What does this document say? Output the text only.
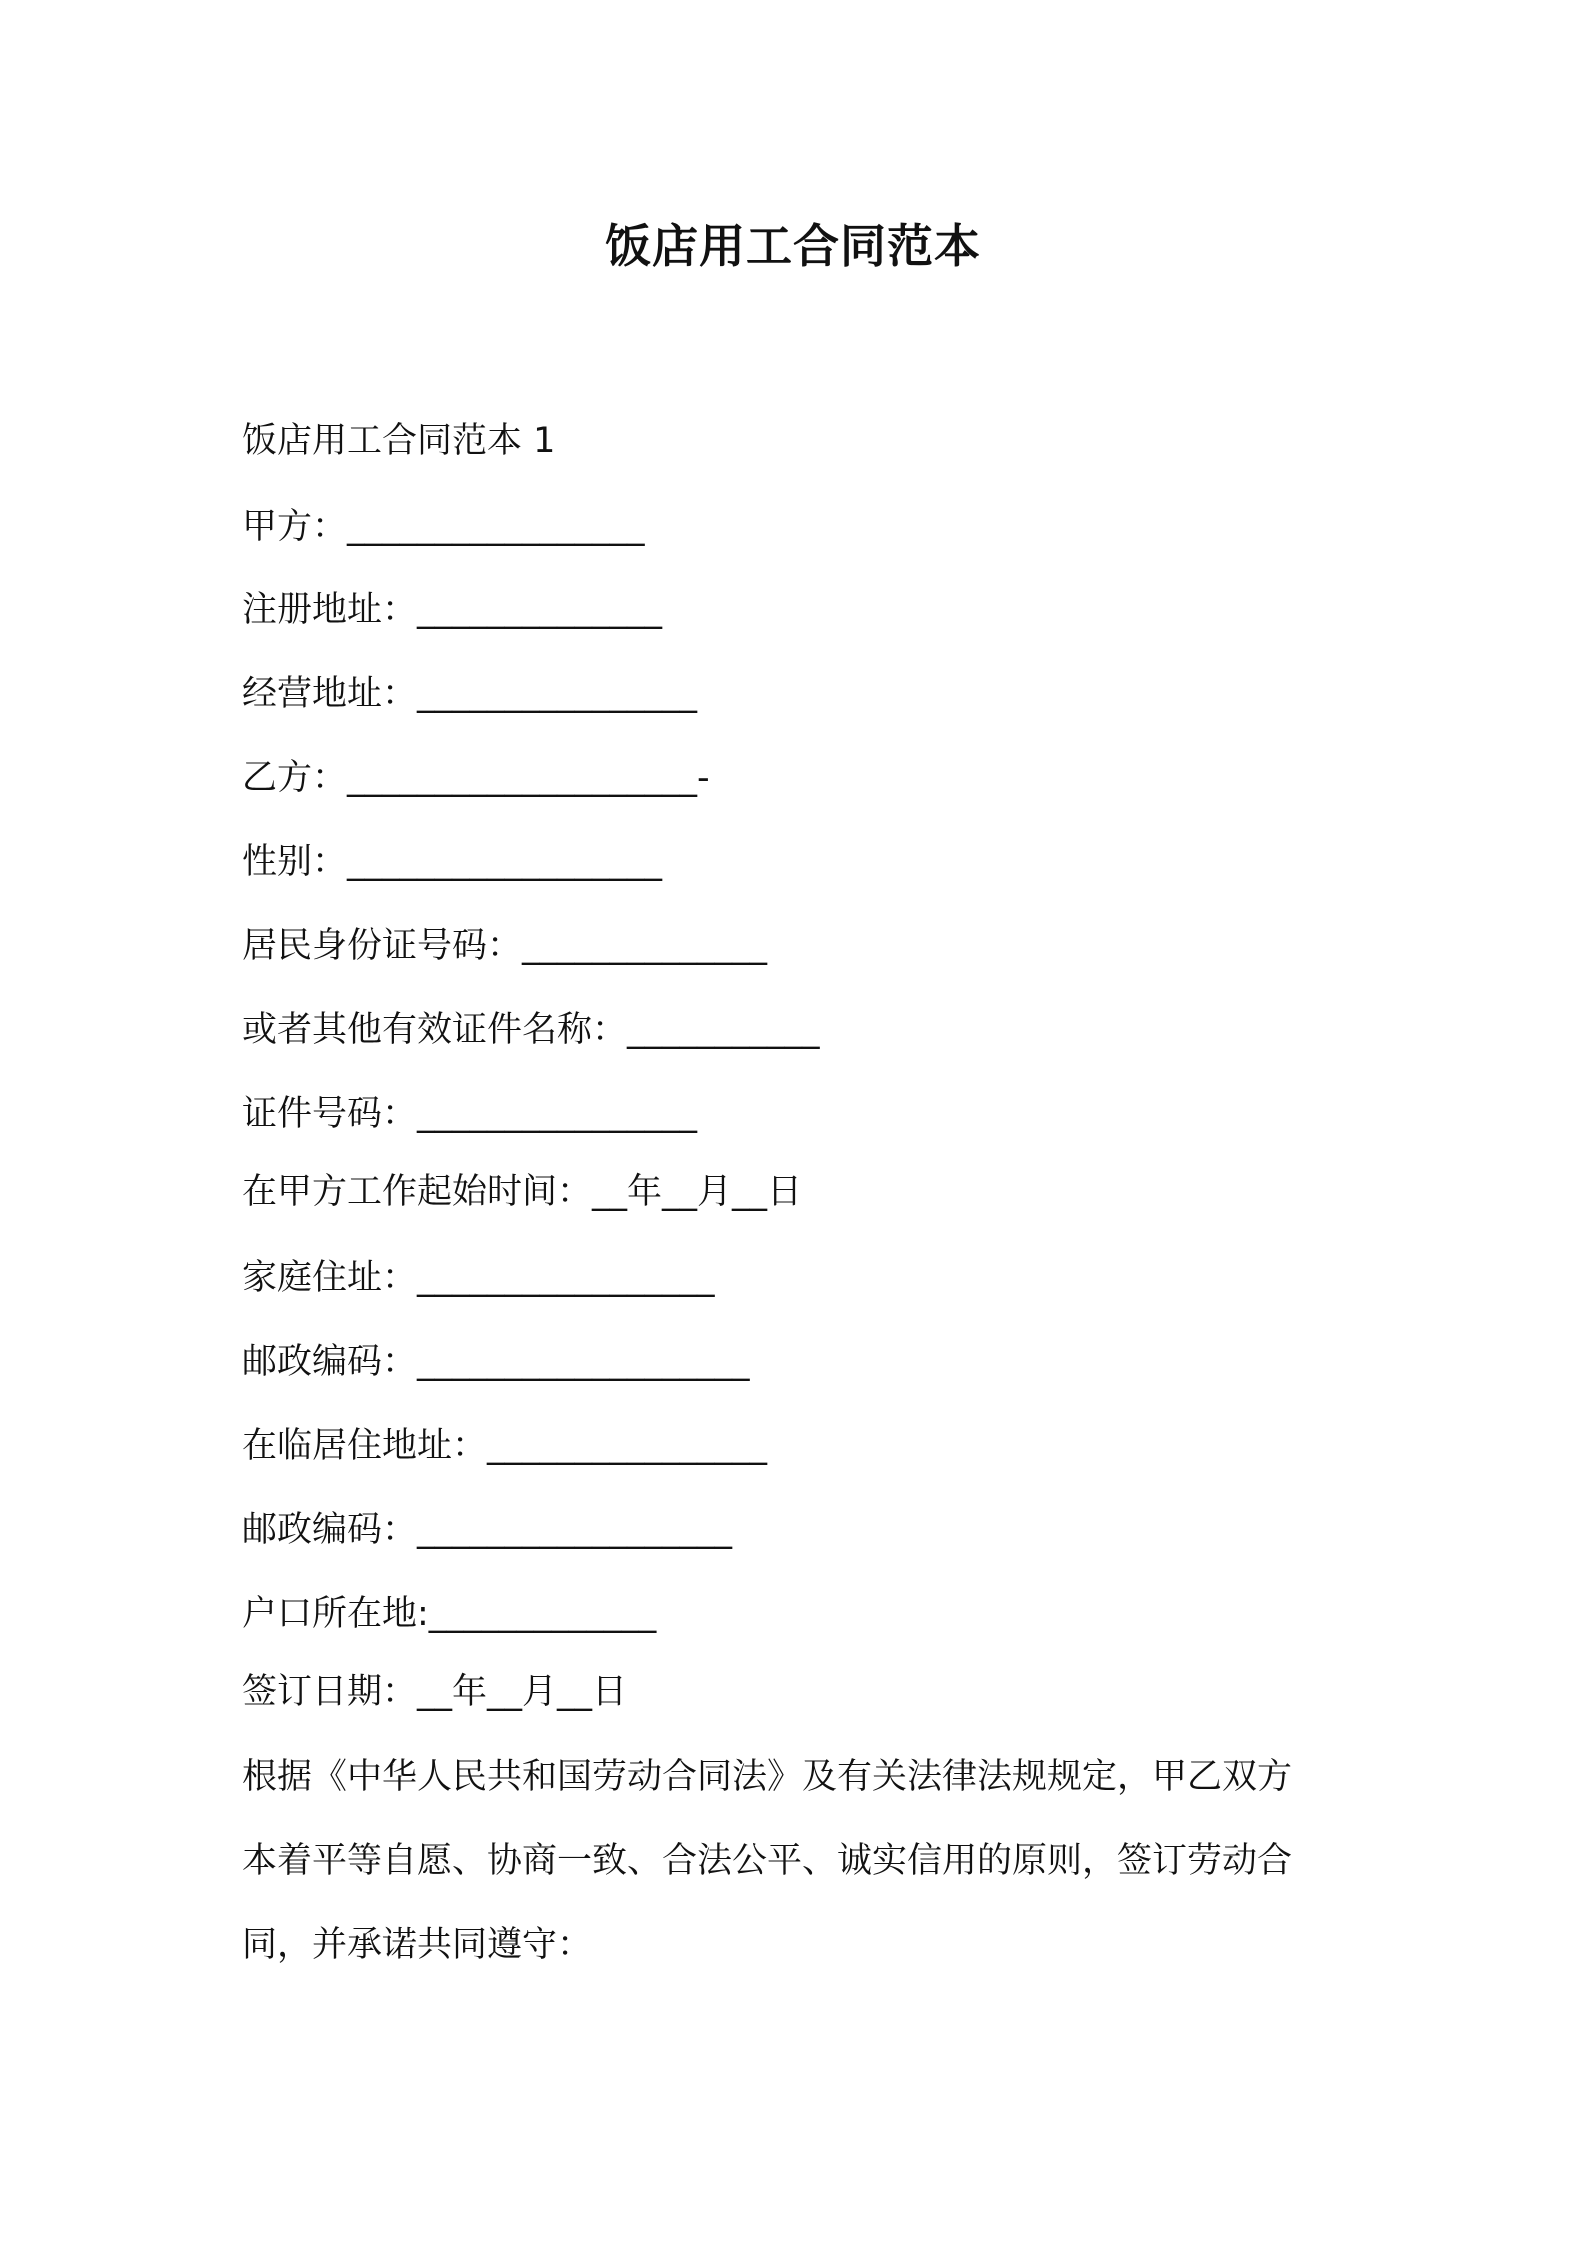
饭店用工合同范本
饭店用工合同范本 1
甲方：_________________
注册地址：______________
经营地址：________________
乙方：____________________-
性别：__________________
居民身份证号码：______________
或者其他有效证件名称：___________
证件号码：________________
在甲方工作起始时间：__年__月__日
家庭住址：_________________
邮政编码：___________________
在临居住地址：________________
邮政编码：__________________
户口所在地:_____________
签订日期：__年__月__日
根据《中华人民共和国劳动合同法》及有关法律法规规定，甲乙双方
本着平等自愿、协商一致、合法公平、诚实信用的原则，签订劳动合
同，并承诺共同遵守：
